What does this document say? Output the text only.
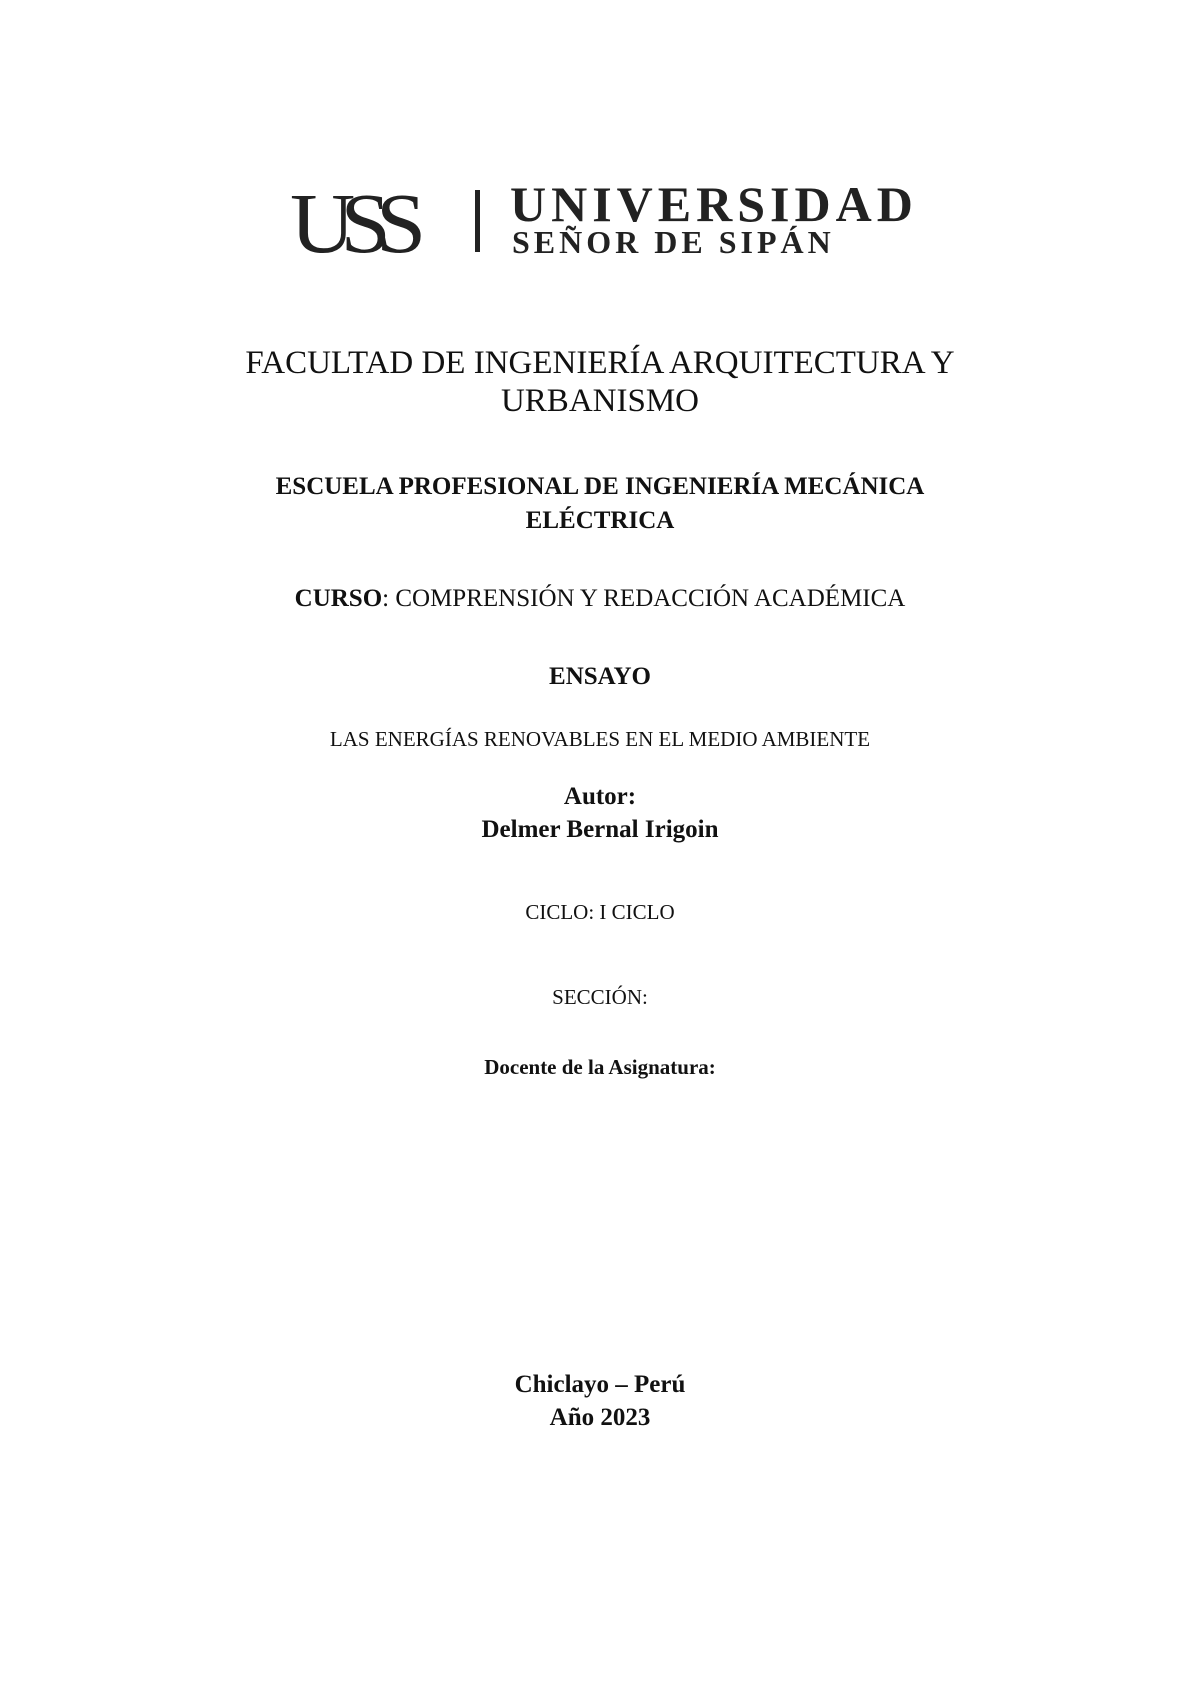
USS UNIVERSIDAD
SEÑOR DE SIPÁN
FACULTAD DE INGENIERÍA ARQUITECTURA Y
URBANISMO
ESCUELA PROFESIONAL DE INGENIERÍA MECÁNICA
ELÉCTRICA
CURSO: COMPRENSIÓN Y REDACCIÓN ACADÉMICA
ENSAYO
LAS ENERGÍAS RENOVABLES EN EL MEDIO AMBIENTE
Autor:
Delmer Bernal Irigoin
CICLO: I CICLO
SECCIÓN:
Docente de la Asignatura:
Chiclayo – Perú
Año 2023
